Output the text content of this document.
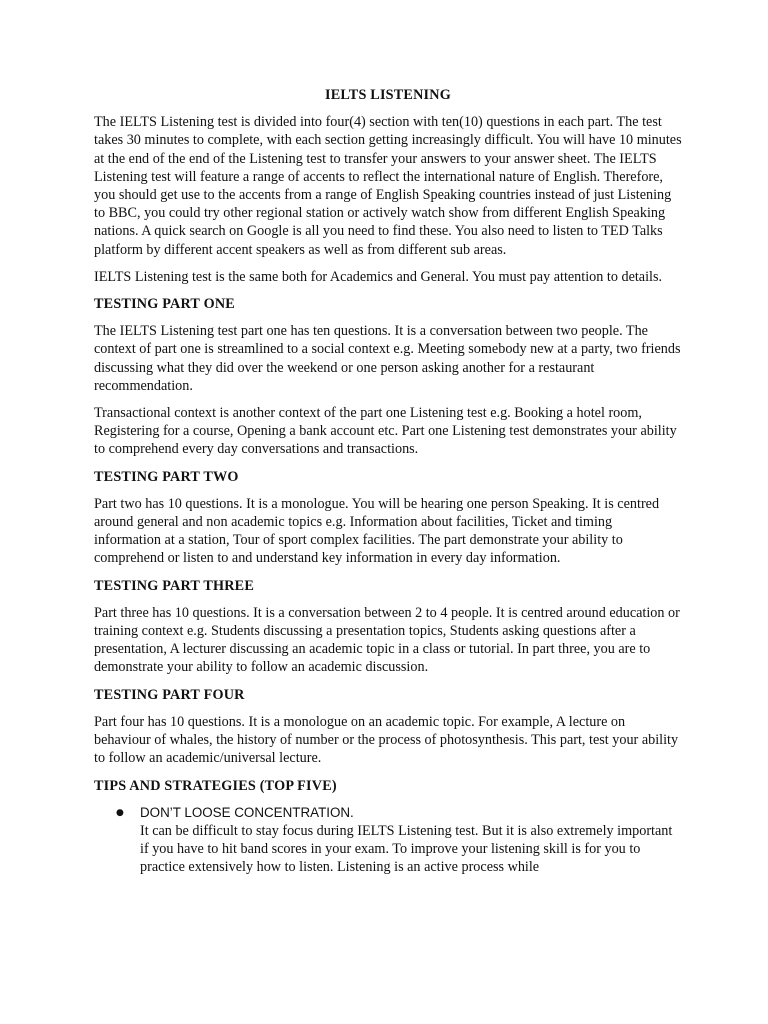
IELTS LISTENING

The IELTS Listening test is divided into four(4) section with ten(10) questions in each part. The test takes 30 minutes to complete, with each section getting increasingly difficult. You will have 10 minutes at the end of the end of the Listening test to transfer your answers to your answer sheet. The IELTS Listening test will feature a range of accents to reflect the international nature of English. Therefore, you should get use to the accents from a range of English Speaking countries instead of just Listening to BBC, you could try other regional station or actively watch show from different English Speaking nations. A quick search on Google is all you need to find these. You also need to listen to TED Talks platform by different accent speakers as well as from different sub areas.

IELTS Listening test is the same both for Academics and General. You must pay attention to details.

TESTING PART ONE

The IELTS Listening test part one has ten questions. It is a conversation between two people. The context of part one is streamlined to a social context e.g. Meeting somebody new at a party, two friends discussing what they did over the weekend or one person asking another for a restaurant recommendation.

Transactional context is another context of the part one Listening test e.g. Booking a hotel room, Registering for a course, Opening a bank account etc. Part one Listening test demonstrates your ability to comprehend every day conversations and transactions.

TESTING PART TWO

Part two has 10 questions. It is a monologue. You will be hearing one person Speaking. It is centred around general and non academic topics e.g. Information about facilities, Ticket and timing information at a station, Tour of sport complex facilities. The part demonstrate your ability to comprehend or listen to and understand key information in every day information.

TESTING PART THREE

Part three has 10 questions. It is a conversation between 2 to 4 people. It is centred around education or training context e.g. Students discussing a presentation topics, Students asking questions after a presentation, A lecturer discussing an academic topic in a class or tutorial. In part three, you are to demonstrate your ability to follow an academic discussion.

TESTING PART FOUR

Part four has 10 questions. It is a monologue on an academic topic. For example, A lecture on behaviour of whales, the history of number or the process of photosynthesis. This part, test your ability to follow an academic/universal lecture.

TIPS AND STRATEGIES (TOP FIVE)
● DON’T LOOSE CONCENTRATION.
It can be difficult to stay focus during IELTS Listening test. But it is also extremely important if you have to hit band scores in your exam. To improve your listening skill is for you to practice extensively how to listen. Listening is an active process while
